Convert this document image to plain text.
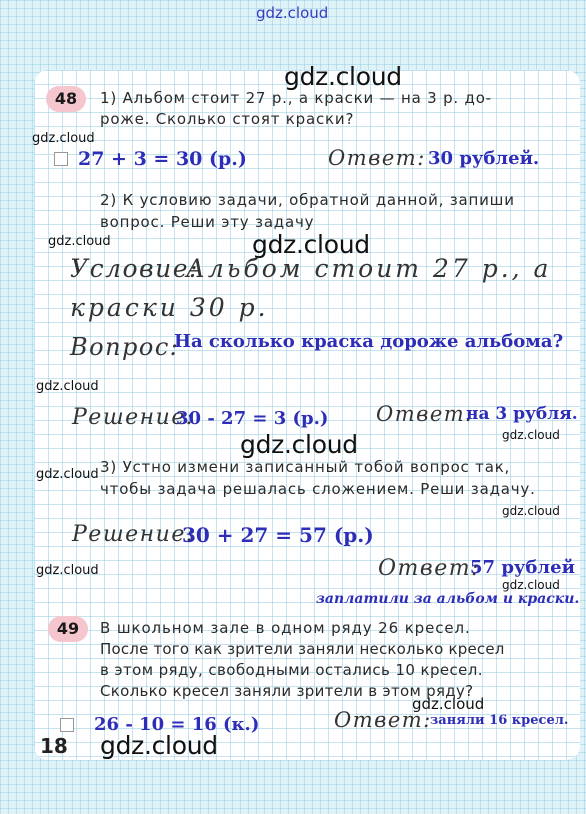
gdz.cloud
gdz.cloud
gdz.cloud
gdz.cloud	gdz.cloud
gdz.cloud
gdz.cloud	gdz.cloud
gdz.cloud
gdz.cloud
gdz.cloud
gdz.cloud
gdz.cloud
gdz.cloud
48	1) Альбом стоит 27 р., а краски — на 3 р. до-
роже. Сколько стоят краски?
27 + 3 = 30 (р.)	Ответ: 30 рублей.
2) К условию задачи, обратной данной, запиши
вопрос. Реши эту задачу
Условие:
Альбом стоит 27 р., а
краски 30 р.
Вопрос:
На сколько краска дороже альбома?
Решение:
30 - 27 = 3 (р.) Ответ:
на 3 рубля.
3) Устно измени записанный тобой вопрос так,
чтобы задача решалась сложением. Реши задачу.
Решение:
30 + 27 = 57 (р.)
Ответ:
57 рублей
заплатили за альбом и краски.
49	В школьном зале в одном ряду 26 кресел.
После того как зрители заняли несколько кресел
в этом ряду, свободными остались 10 кресел.
Сколько кресел заняли зрители в этом ряду?
26 - 10 = 16 (к.)	Ответ:
заняли 16 кресел.
18
